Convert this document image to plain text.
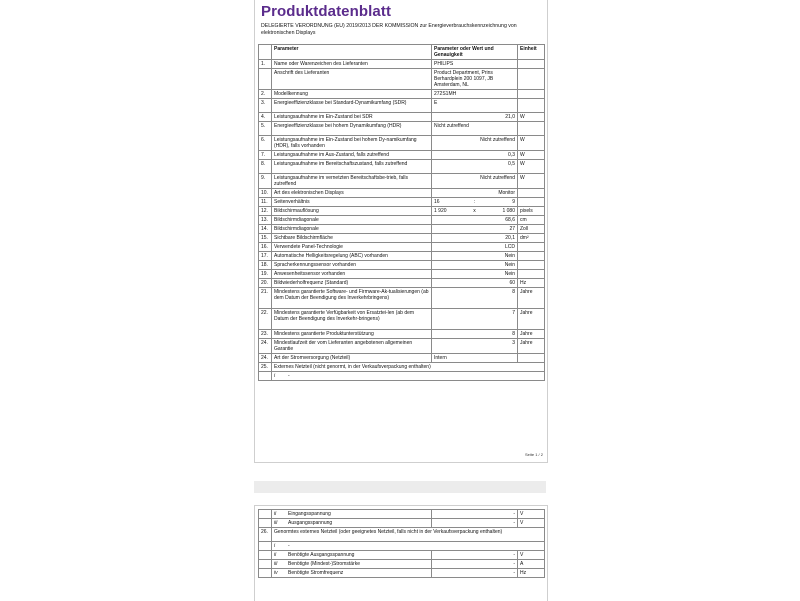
Produktdatenblatt
DELEGIERTE VERORDNUNG (EU) 2019/2013 DER KOMMISSION zur Energieverbrauchskennzeichnung von elektronischen Displays
	Parameter	Parameter oder Wert und Genauigkeit	Einheit
1.	Name oder Warenzeichen des Lieferanten	PHILIPS	
	Anschrift des Lieferanten	Product Department, Prins Berhardplein 200 1097, JB Amsterdam, NL	
2.	Modellkennung	272S1MH	
3.	Energieeffizienzklasse bei Standard-Dynamikumfang (SDR)	E	
4.	Leistungsaufnahme im Ein-Zustand bei SDR	21,0	W
5.	Energieeffizienzklasse bei hohem Dynamikumfang (HDR)	Nicht zutreffend	
6.	Leistungsaufnahme im Ein-Zustand bei hohem Dy-namikumfang (HDR), falls vorhanden	Nicht zutreffend	W
7.	Leistungsaufnahme im Aus-Zustand, falls zutreffend	0,3	W
8.	Leistungsaufnahme im Bereitschaftszustand, falls zutreffend	0,5	W
9.	Leistungsaufnahme im vernetzten Bereitschaftsbe-trieb, falls zutreffend	Nicht zutreffend	W
10.	Art des elektronischen Displays	Monitor	
11.	Seitenverhältnis	16 : 9	

12.	Bildschirmauflösung	1 920 x 1 080	pixels
13.	Bildschirmdiagonale	68,6	cm
14.	Bildschirmdiagonale	27	Zoll
15.	Sichtbare Bildschirmfläche	20,1	dm²
16.	Verwendete Panel-Technologie	LCD	
17.	Automatische Helligkeitsregelung (ABC) vorhanden	Nein	
18.	Spracherkennungssensor vorhanden	Nein	
19.	Anwesenheitssensor vorhanden	Nein	
20.	Bildwiederholfrequenz (Standard)	60	Hz
21.	Mindestens garantierte Software- und Firmware-Ak-tualisierungen (ab dem Datum der Beendigung des Inverkehrbringens)	8	Jahre
22.	Mindestens garantierte Verfügbarkeit von Ersatztei-len (ab dem Datum der Beendigung des Inverkehr-bringens)	7	Jahre
23.	Mindestens garantierte Produktunterstützung	8	Jahre
24.	Mindestlaufzeit der vom Lieferanten angebotenen allgemeinen Garantie	3	Jahre
24.	Art der Stromversorgung (Netzteil)	Intern	
25.	Externes Netzteil (nicht genormt, in der Verkaufsverpackung enthalten)		
	i -		
Seite 1 / 2
	ii Eingangsspannung	-	V
	iii Ausgangsspannung	-	V
26.	Genormtes externes Netzteil (oder geeignetes Netzteil, falls nicht in der Verkaufsverpackung enthalten)		
	i -		
	ii Benötigte Ausgangsspannung	-	V
	iii Benötigte (Mindest-)Stromstärke	-	A
	iv Benötigte Stromfrequenz	-	Hz
